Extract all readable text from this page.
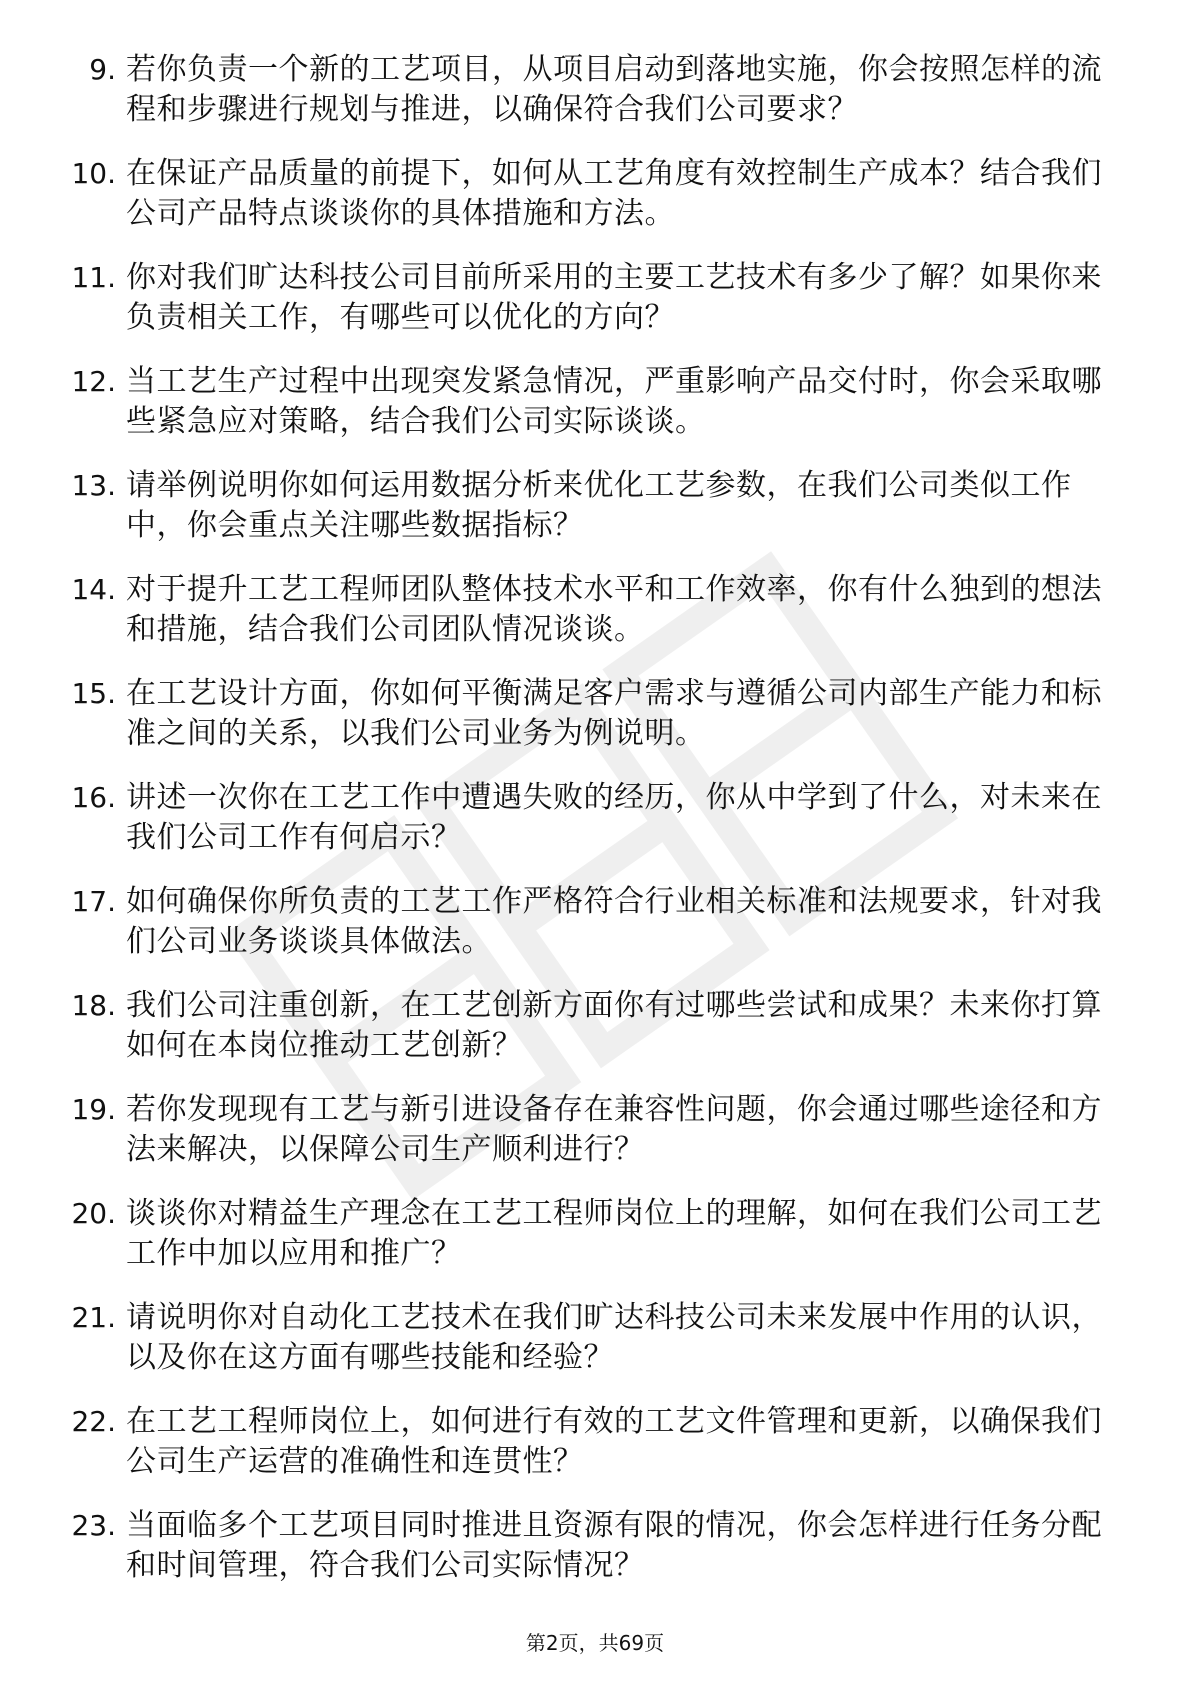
9. 若你负责一个新的工艺项目，从项目启动到落地实施，你会按照怎样的流程和步骤进行规划与推进，以确保符合我们公司要求？
10. 在保证产品质量的前提下，如何从工艺角度有效控制生产成本？结合我们公司产品特点谈谈你的具体措施和方法。
11. 你对我们旷达科技公司目前所采用的主要工艺技术有多少了解？如果你来负责相关工作，有哪些可以优化的方向？
12. 当工艺生产过程中出现突发紧急情况，严重影响产品交付时，你会采取哪些紧急应对策略，结合我们公司实际谈谈。
13. 请举例说明你如何运用数据分析来优化工艺参数，在我们公司类似工作中，你会重点关注哪些数据指标？
14. 对于提升工艺工程师团队整体技术水平和工作效率，你有什么独到的想法和措施，结合我们公司团队情况谈谈。
15. 在工艺设计方面，你如何平衡满足客户需求与遵循公司内部生产能力和标准之间的关系，以我们公司业务为例说明。
16. 讲述一次你在工艺工作中遭遇失败的经历，你从中学到了什么，对未来在我们公司工作有何启示？
17. 如何确保你所负责的工艺工作严格符合行业相关标准和法规要求，针对我们公司业务谈谈具体做法。
18. 我们公司注重创新，在工艺创新方面你有过哪些尝试和成果？未来你打算如何在本岗位推动工艺创新？
19. 若你发现现有工艺与新引进设备存在兼容性问题，你会通过哪些途径和方法来解决，以保障公司生产顺利进行？
20. 谈谈你对精益生产理念在工艺工程师岗位上的理解，如何在我们公司工艺工作中加以应用和推广？
21. 请说明你对自动化工艺技术在我们旷达科技公司未来发展中作用的认识，以及你在这方面有哪些技能和经验？
22. 在工艺工程师岗位上，如何进行有效的工艺文件管理和更新，以确保我们公司生产运营的准确性和连贯性？
23. 当面临多个工艺项目同时推进且资源有限的情况，你会怎样进行任务分配和时间管理，符合我们公司实际情况？
第2页，共69页
